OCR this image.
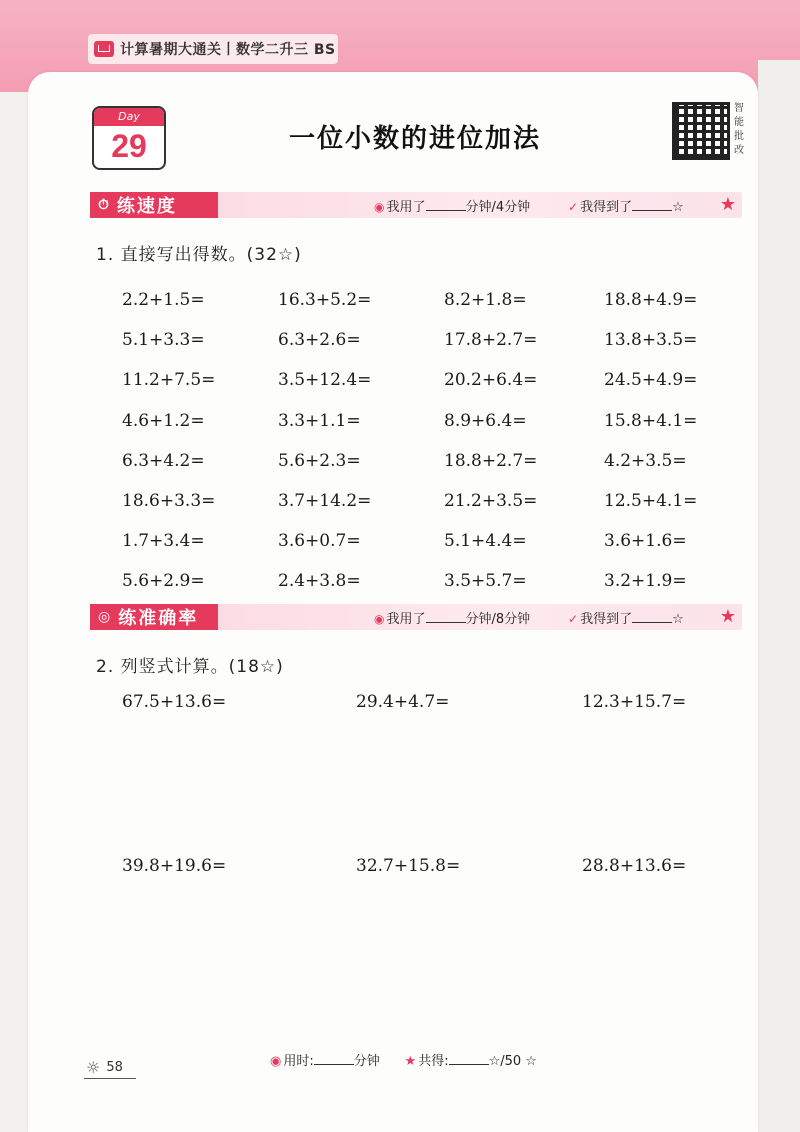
计算暑期大通关丨数学二升三 BS
Day
29	一位小数的进位加法
智能批改
⏱ 练速度	◉ 我用了	分钟/4分钟	✓ 我得到了	☆ ★
1. 直接写出得数。(32☆)
2.2+1.5=	16.3+5.2=	8.2+1.8=	18.8+4.9=
5.1+3.3=	6.3+2.6=	17.8+2.7=	13.8+3.5=
11.2+7.5=	3.5+12.4=	20.2+6.4=	24.5+4.9=
4.6+1.2=	3.3+1.1=	8.9+6.4=	15.8+4.1=
6.3+4.2=	5.6+2.3=	18.8+2.7=	4.2+3.5=
18.6+3.3=	3.7+14.2=	21.2+3.5=	12.5+4.1=
1.7+3.4=	3.6+0.7=	5.1+4.4=	3.6+1.6=
5.6+2.9=	2.4+3.8=	3.5+5.7=	3.2+1.9=
◎ 练准确率	◉ 我用了	分钟/8分钟	✓ 我得到了	☆ ★
2. 列竖式计算。(18☆)
67.5+13.6=	29.4+4.7=	12.3+15.7=
39.8+19.6=	32.7+15.8=	28.8+13.6=
◉ 用时:	分钟 ★ 共得:	☆/50 ☆
☼ 58
